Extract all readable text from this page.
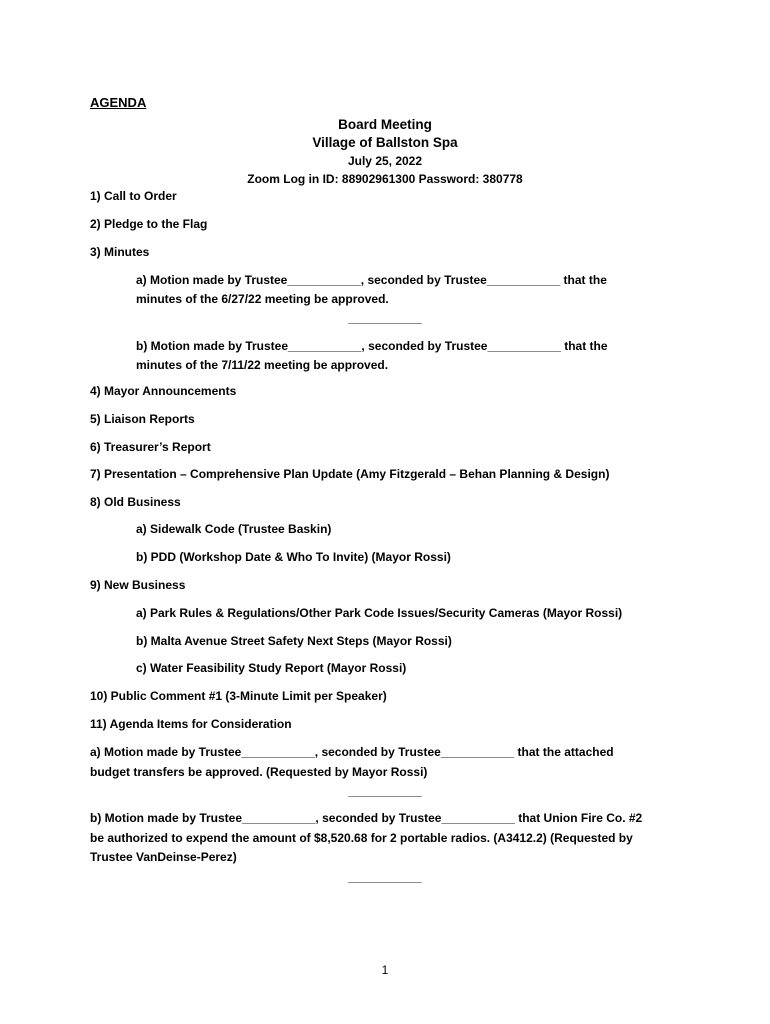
AGENDA
Board Meeting
Village of Ballston Spa
July 25, 2022
Zoom Log in ID: 88902961300 Password: 380778
1) Call to Order
2) Pledge to the Flag
3) Minutes
a) Motion made by Trustee___________, seconded by Trustee___________ that the
minutes of the 6/27/22 meeting be approved.
___________
b) Motion made by Trustee___________, seconded by Trustee___________ that the
minutes of the 7/11/22 meeting be approved.
4) Mayor Announcements
5) Liaison Reports
6) Treasurer’s Report
7) Presentation – Comprehensive Plan Update (Amy Fitzgerald – Behan Planning & Design)
8) Old Business
a) Sidewalk Code (Trustee Baskin)
b) PDD (Workshop Date & Who To Invite) (Mayor Rossi)
9) New Business
a) Park Rules & Regulations/Other Park Code Issues/Security Cameras (Mayor Rossi)
b) Malta Avenue Street Safety Next Steps (Mayor Rossi)
c) Water Feasibility Study Report (Mayor Rossi)
10) Public Comment #1 (3-Minute Limit per Speaker)
11) Agenda Items for Consideration
a) Motion made by Trustee___________, seconded by Trustee___________ that the attached
budget transfers be approved. (Requested by Mayor Rossi)
___________
b) Motion made by Trustee___________, seconded by Trustee___________ that Union Fire Co. #2
be authorized to expend the amount of $8,520.68 for 2 portable radios. (A3412.2) (Requested by
Trustee VanDeinse-Perez)
___________
1
